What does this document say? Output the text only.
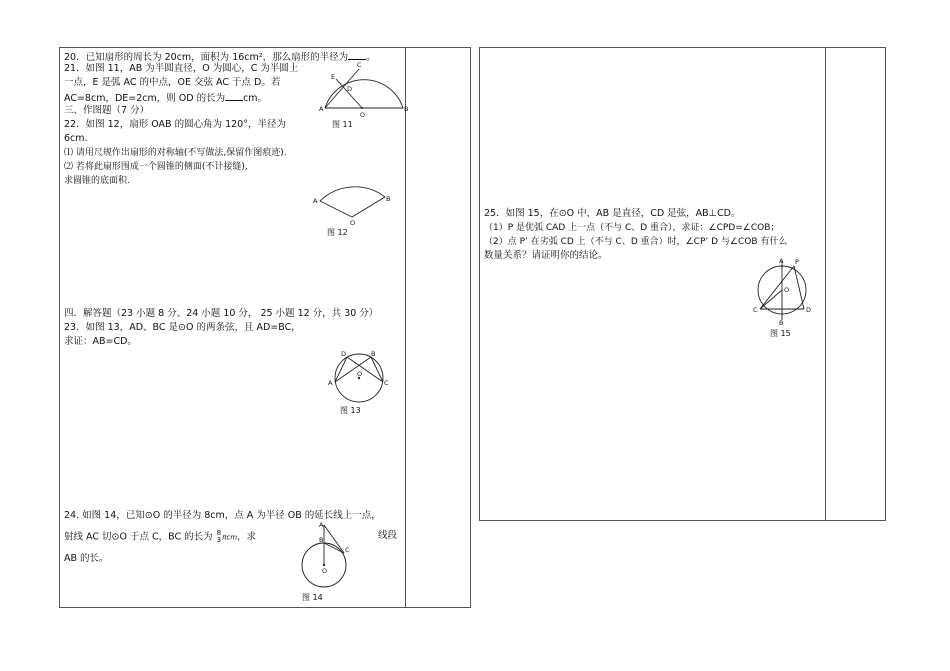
20．已知扇形的周长为 20cm，面积为 16cm²，那么扇形的半径为 。
21．如图 11，AB 为半圆直径，O 为圆心，C 为半圆上
一点，E 是弧 AC 的中点，OE 交弦 AC 于点 D。若
AC=8cm，DE=2cm，则 OD 的长为 cm。
A	B
C
E
D
O
图 11
三、作图题（7 分）
22．如图 12，扇形 OAB 的圆心角为 120°，半径为
6cm.
⑴ 请用尺规作出扇形的对称轴(不写做法,保留作图痕迹).
⑵ 若将此扇形围成一个圆锥的侧面(不计接缝),
求圆锥的底面积.
A	B
O
图 12
四．解答题（23 小题 8 分、24 小题 10 分， 25 小题 12 分，共 30 分）
23．如图 13，AD、BC 是⊙O 的两条弦，且 AD=BC,
求证：AB=CD。
D	B
A	C
O
图 13
24. 如图 14，已知⊙O 的半径为 8cm，点 A 为半径 OB 的延长线上一点，
射线 AC 切⊙O 于点 C，BC 的长为 8
3 πcm，求	线段
AB 的长。
A
B
C
O
图 14
25．如图 15，在⊙O 中，AB 是直径，CD 是弦，AB⊥CD。
（1）P 是优弧 CAD 上一点（不与 C、D 重合），求证：∠CPD=∠COB；
（2）点 P’ 在劣弧 CD 上（不与 C、D 重合）时，∠CP’ D 与∠COB 有什么
数量关系？请证明你的结论。	A P
O
C	D
B
图 15
